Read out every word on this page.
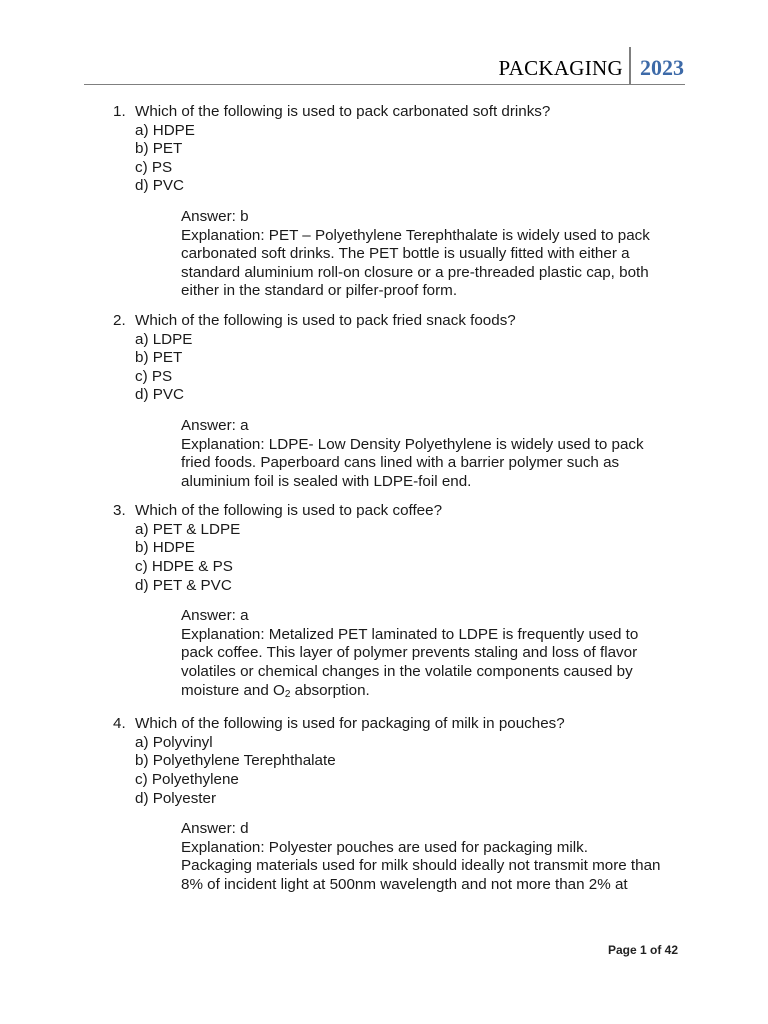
PACKAGING 2023
1. Which of the following is used to pack carbonated soft drinks?
a) HDPE
b) PET
c) PS
d) PVC
Answer: b
Explanation: PET – Polyethylene Terephthalate is widely used to pack
carbonated soft drinks. The PET bottle is usually fitted with either a
standard aluminium roll-on closure or a pre-threaded plastic cap, both
either in the standard or pilfer-proof form.
2. Which of the following is used to pack fried snack foods?
a) LDPE
b) PET
c) PS
d) PVC
Answer: a
Explanation: LDPE- Low Density Polyethylene is widely used to pack
fried foods. Paperboard cans lined with a barrier polymer such as
aluminium foil is sealed with LDPE-foil end.
3. Which of the following is used to pack coffee?
a) PET & LDPE
b) HDPE
c) HDPE & PS
d) PET & PVC
Answer: a
Explanation: Metalized PET laminated to LDPE is frequently used to
pack coffee. This layer of polymer prevents staling and loss of flavor
volatiles or chemical changes in the volatile components caused by
moisture and $O_2$ absorption.
4. Which of the following is used for packaging of milk in pouches?
a) Polyvinyl
b) Polyethylene Terephthalate
c) Polyethylene
d) Polyester
Answer: d
Explanation: Polyester pouches are used for packaging milk.
Packaging materials used for milk should ideally not transmit more than
8% of incident light at 500nm wavelength and not more than 2% at
Page 1 of 42
